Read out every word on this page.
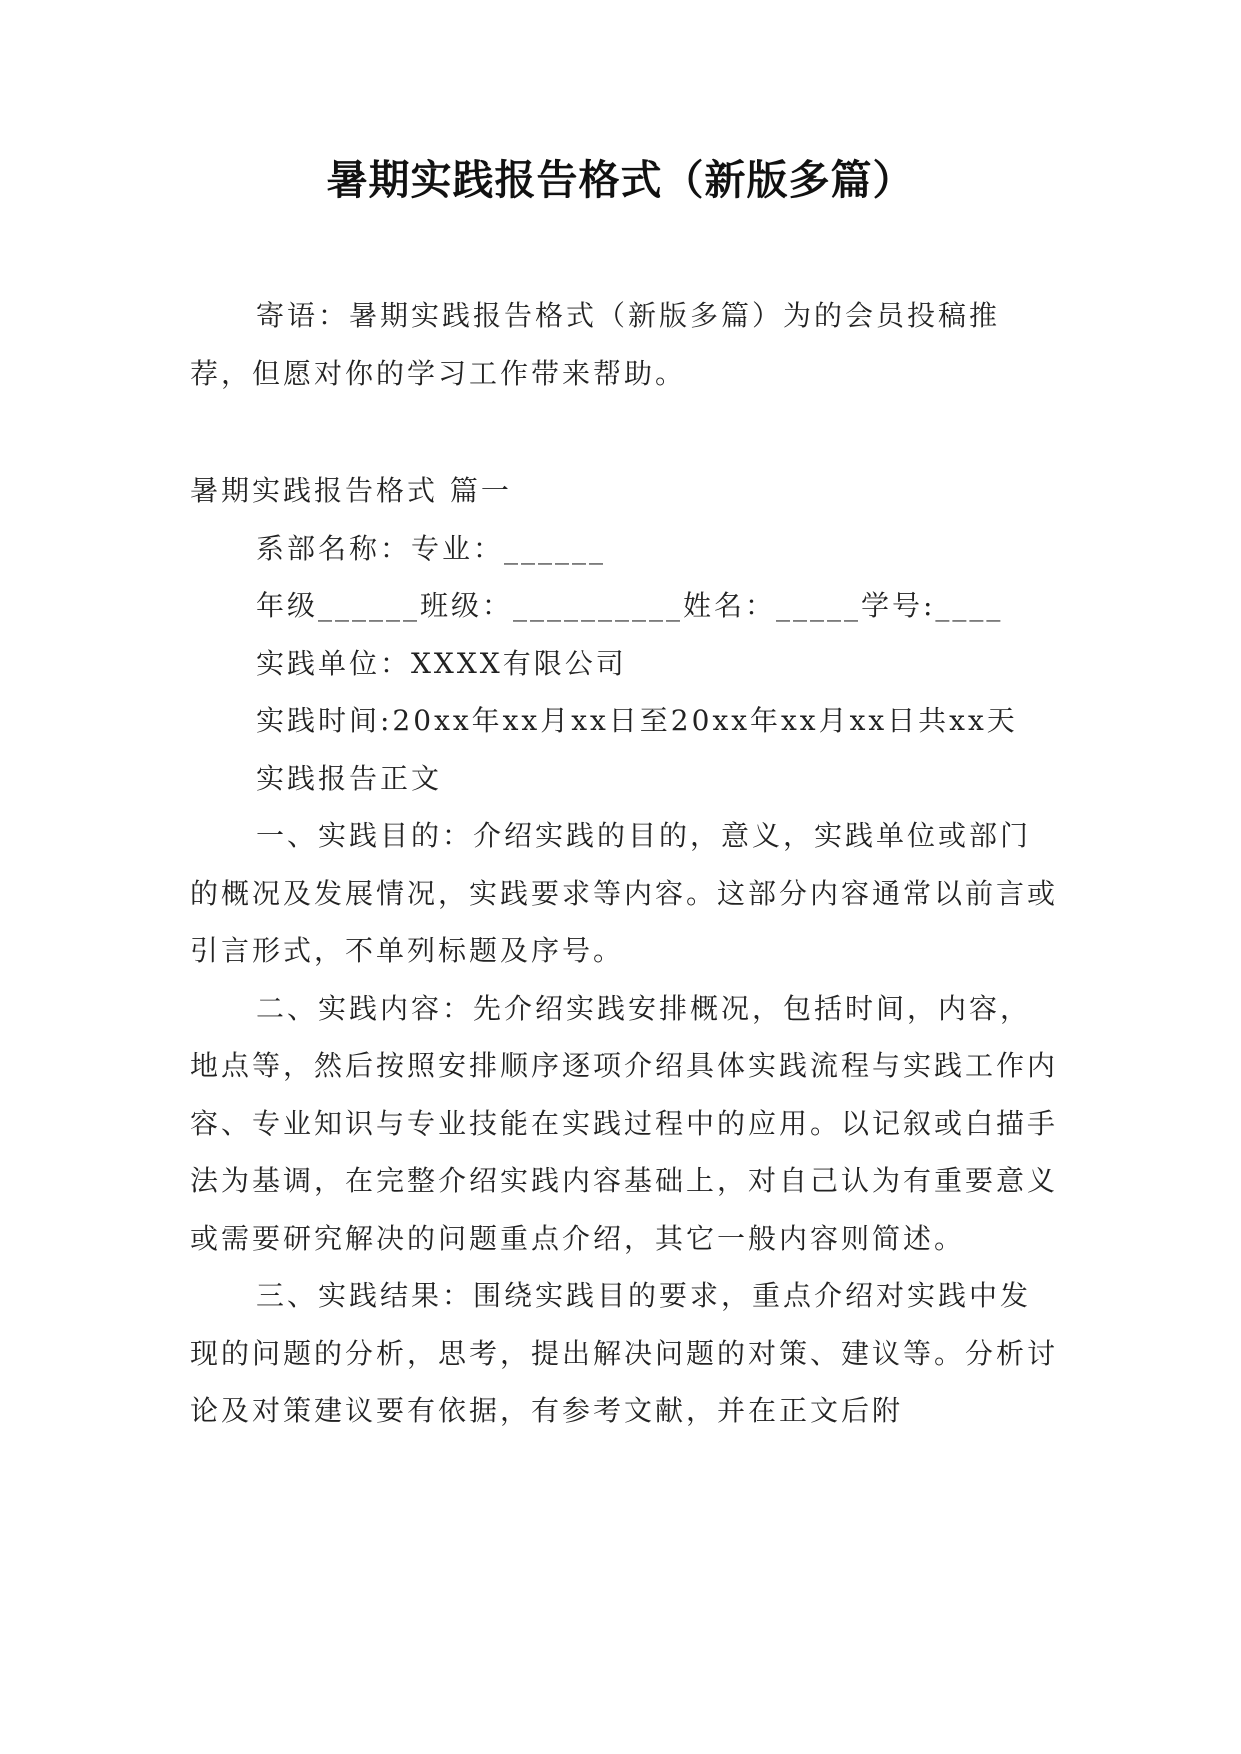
暑期实践报告格式（新版多篇）

寄语：暑期实践报告格式（新版多篇）为的会员投稿推荐，但愿对你的学习工作带来帮助。

暑期实践报告格式 篇一

系部名称：专业：______

年级______班级：__________姓名：_____学号:____

实践单位：XXXX有限公司

实践时间:20xx年xx月xx日至20xx年xx月xx日共xx天

实践报告正文

一、实践目的：介绍实践的目的，意义，实践单位或部门的概况及发展情况，实践要求等内容。这部分内容通常以前言或引言形式，不单列标题及序号。

二、实践内容：先介绍实践安排概况，包括时间，内容，地点等，然后按照安排顺序逐项介绍具体实践流程与实践工作内容、专业知识与专业技能在实践过程中的应用。以记叙或白描手法为基调，在完整介绍实践内容基础上，对自己认为有重要意义或需要研究解决的问题重点介绍，其它一般内容则简述。

三、实践结果：围绕实践目的要求，重点介绍对实践中发现的问题的分析，思考，提出解决问题的对策、建议等。分析讨论及对策建议要有依据，有参考文献，并在正文后附
